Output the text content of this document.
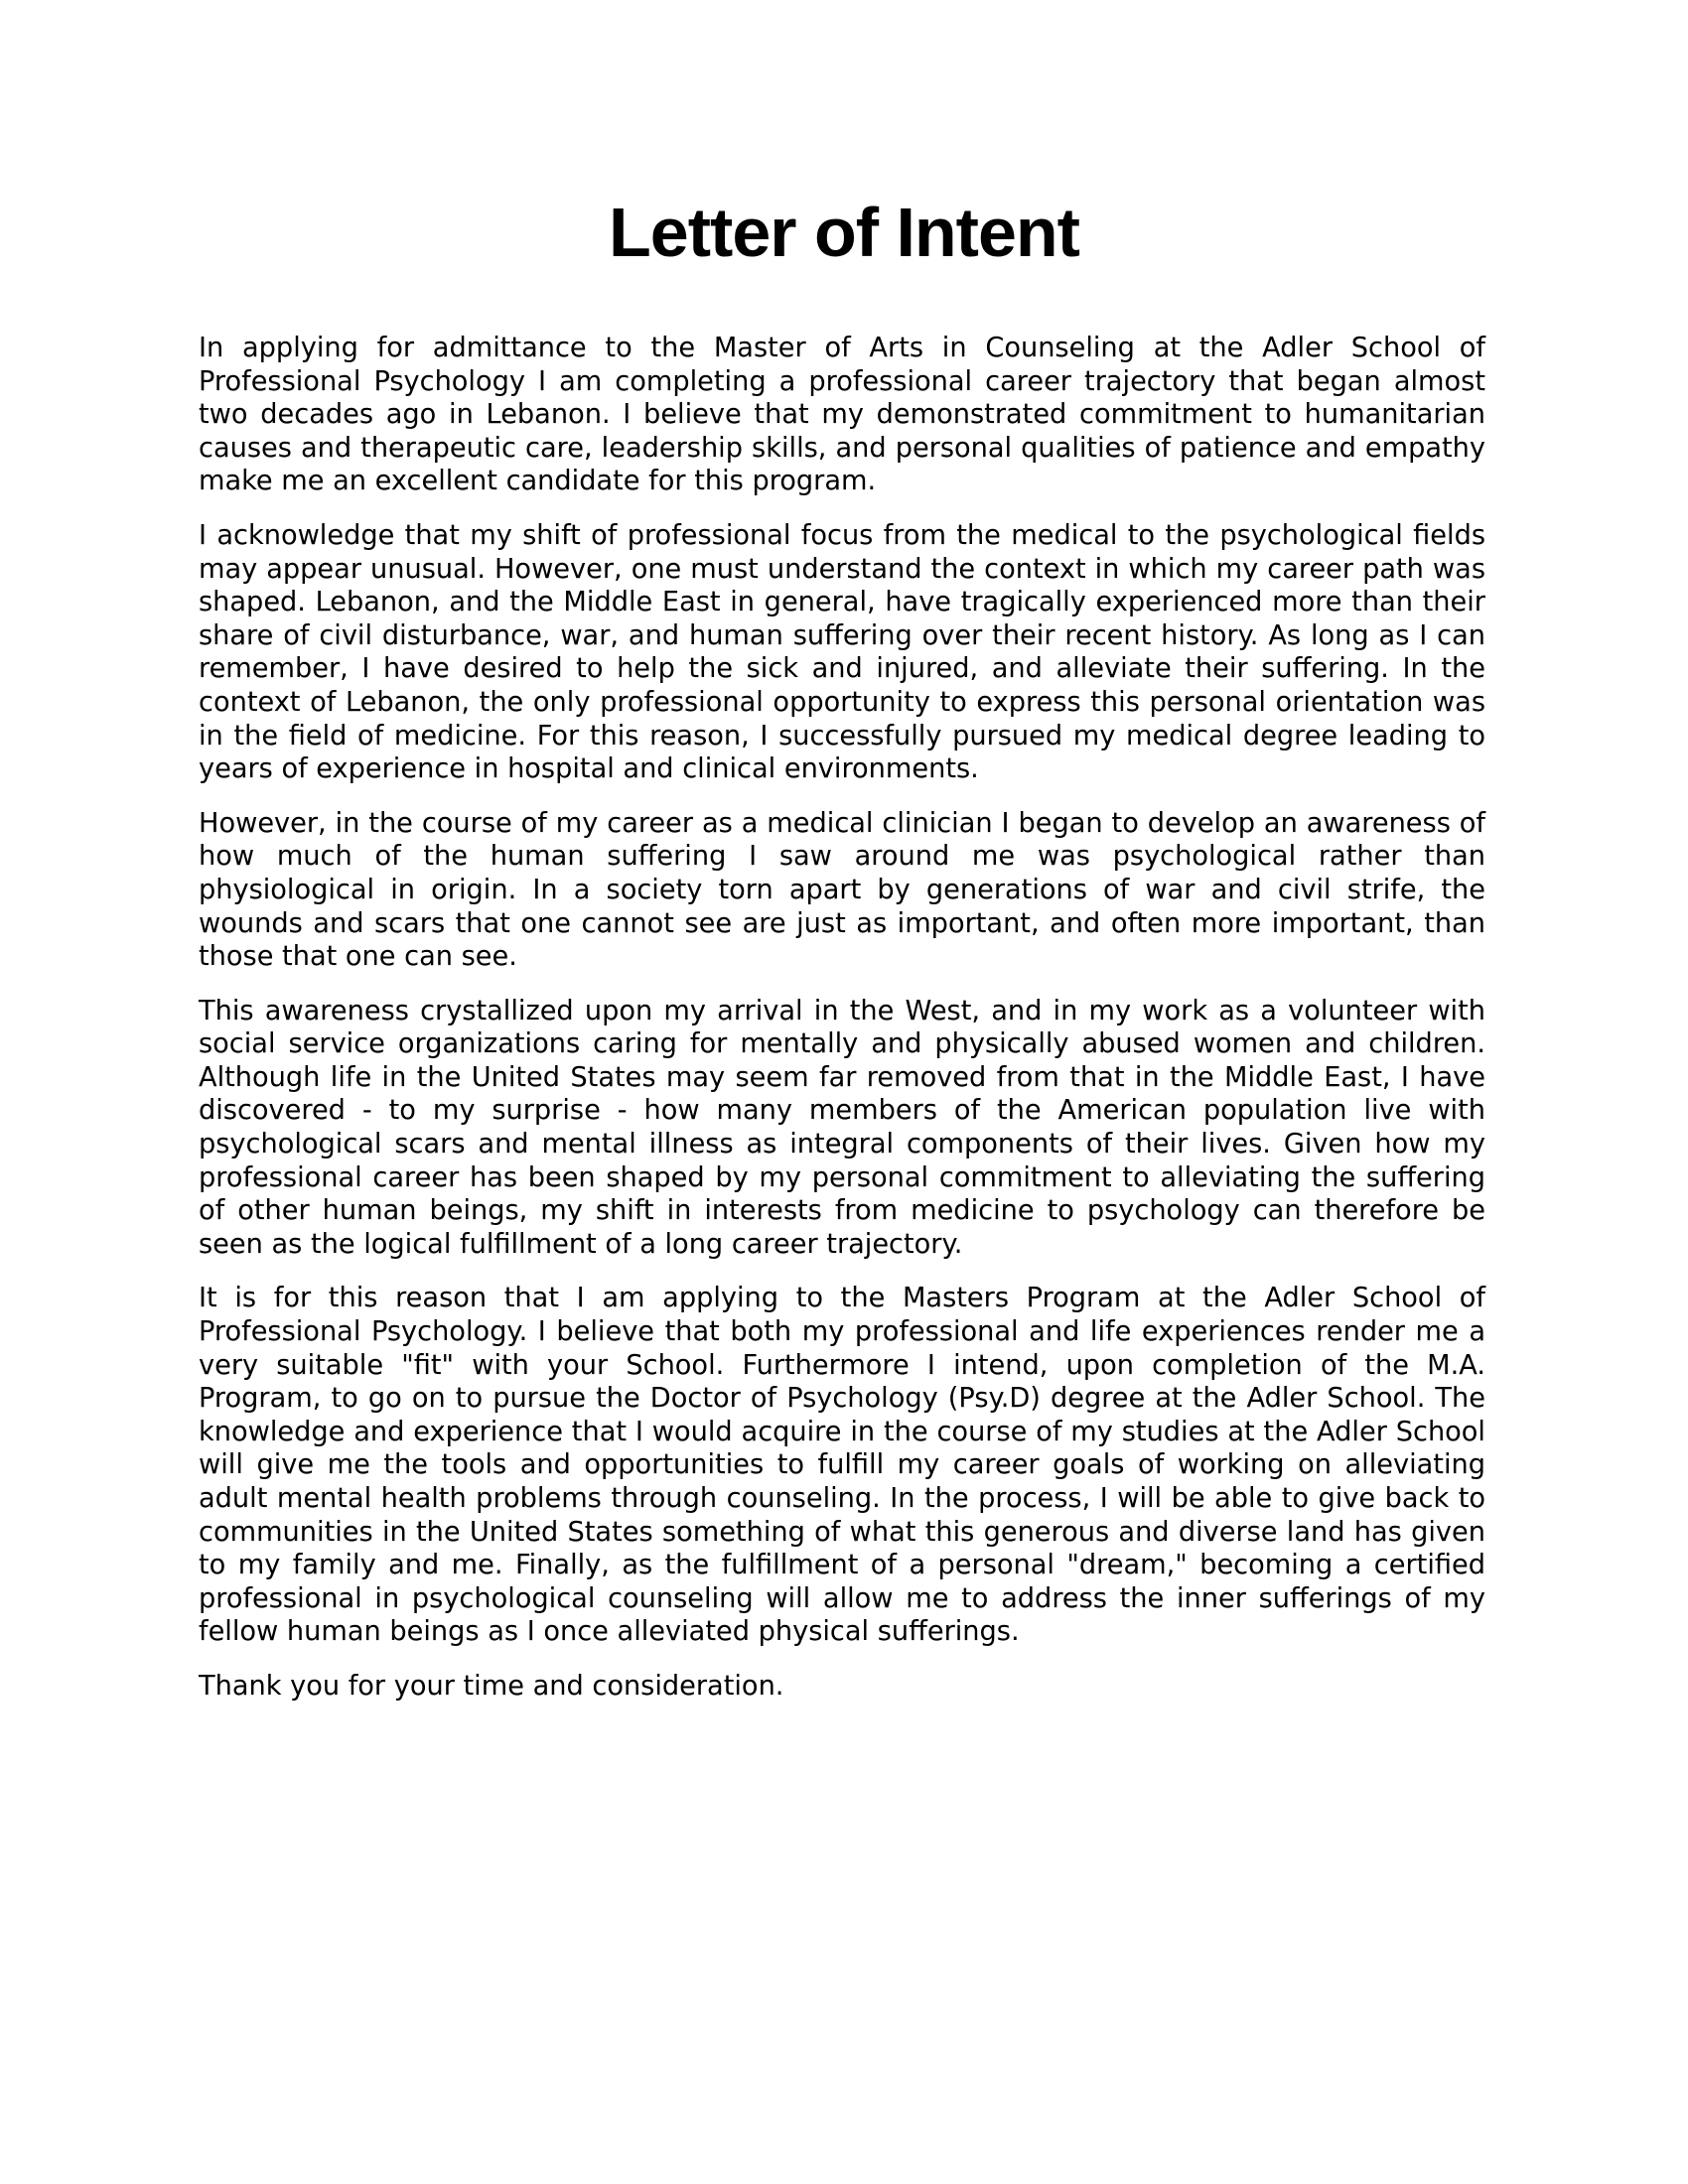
Letter of Intent

In applying for admittance to the Master of Arts in Counseling at the Adler School of Professional Psychology I am completing a professional career trajectory that began almost two decades ago in Lebanon. I believe that my demonstrated commitment to humanitarian causes and therapeutic care, leadership skills, and personal qualities of patience and empathy make me an excellent candidate for this program.

I acknowledge that my shift of professional focus from the medical to the psychological fields may appear unusual. However, one must understand the context in which my career path was shaped. Lebanon, and the Middle East in general, have tragically experienced more than their share of civil disturbance, war, and human suffering over their recent history. As long as I can remember, I have desired to help the sick and injured, and alleviate their suffering. In the context of Lebanon, the only professional opportunity to express this personal orientation was in the field of medicine. For this reason, I successfully pursued my medical degree leading to years of experience in hospital and clinical environments.

However, in the course of my career as a medical clinician I began to develop an awareness of how much of the human suffering I saw around me was psychological rather than physiological in origin. In a society torn apart by generations of war and civil strife, the wounds and scars that one cannot see are just as important, and often more important, than those that one can see.

This awareness crystallized upon my arrival in the West, and in my work as a volunteer with social service organizations caring for mentally and physically abused women and children. Although life in the United States may seem far removed from that in the Middle East, I have discovered - to my surprise - how many members of the American population live with psychological scars and mental illness as integral components of their lives. Given how my professional career has been shaped by my personal commitment to alleviating the suffering of other human beings, my shift in interests from medicine to psychology can therefore be seen as the logical fulfillment of a long career trajectory.

It is for this reason that I am applying to the Masters Program at the Adler School of Professional Psychology. I believe that both my professional and life experiences render me a very suitable "fit" with your School. Furthermore I intend, upon completion of the M.A. Program, to go on to pursue the Doctor of Psychology (Psy.D) degree at the Adler School. The knowledge and experience that I would acquire in the course of my studies at the Adler School will give me the tools and opportunities to fulfill my career goals of working on alleviating adult mental health problems through counseling. In the process, I will be able to give back to communities in the United States something of what this generous and diverse land has given to my family and me. Finally, as the fulfillment of a personal "dream," becoming a certified professional in psychological counseling will allow me to address the inner sufferings of my fellow human beings as I once alleviated physical sufferings.

Thank you for your time and consideration.
